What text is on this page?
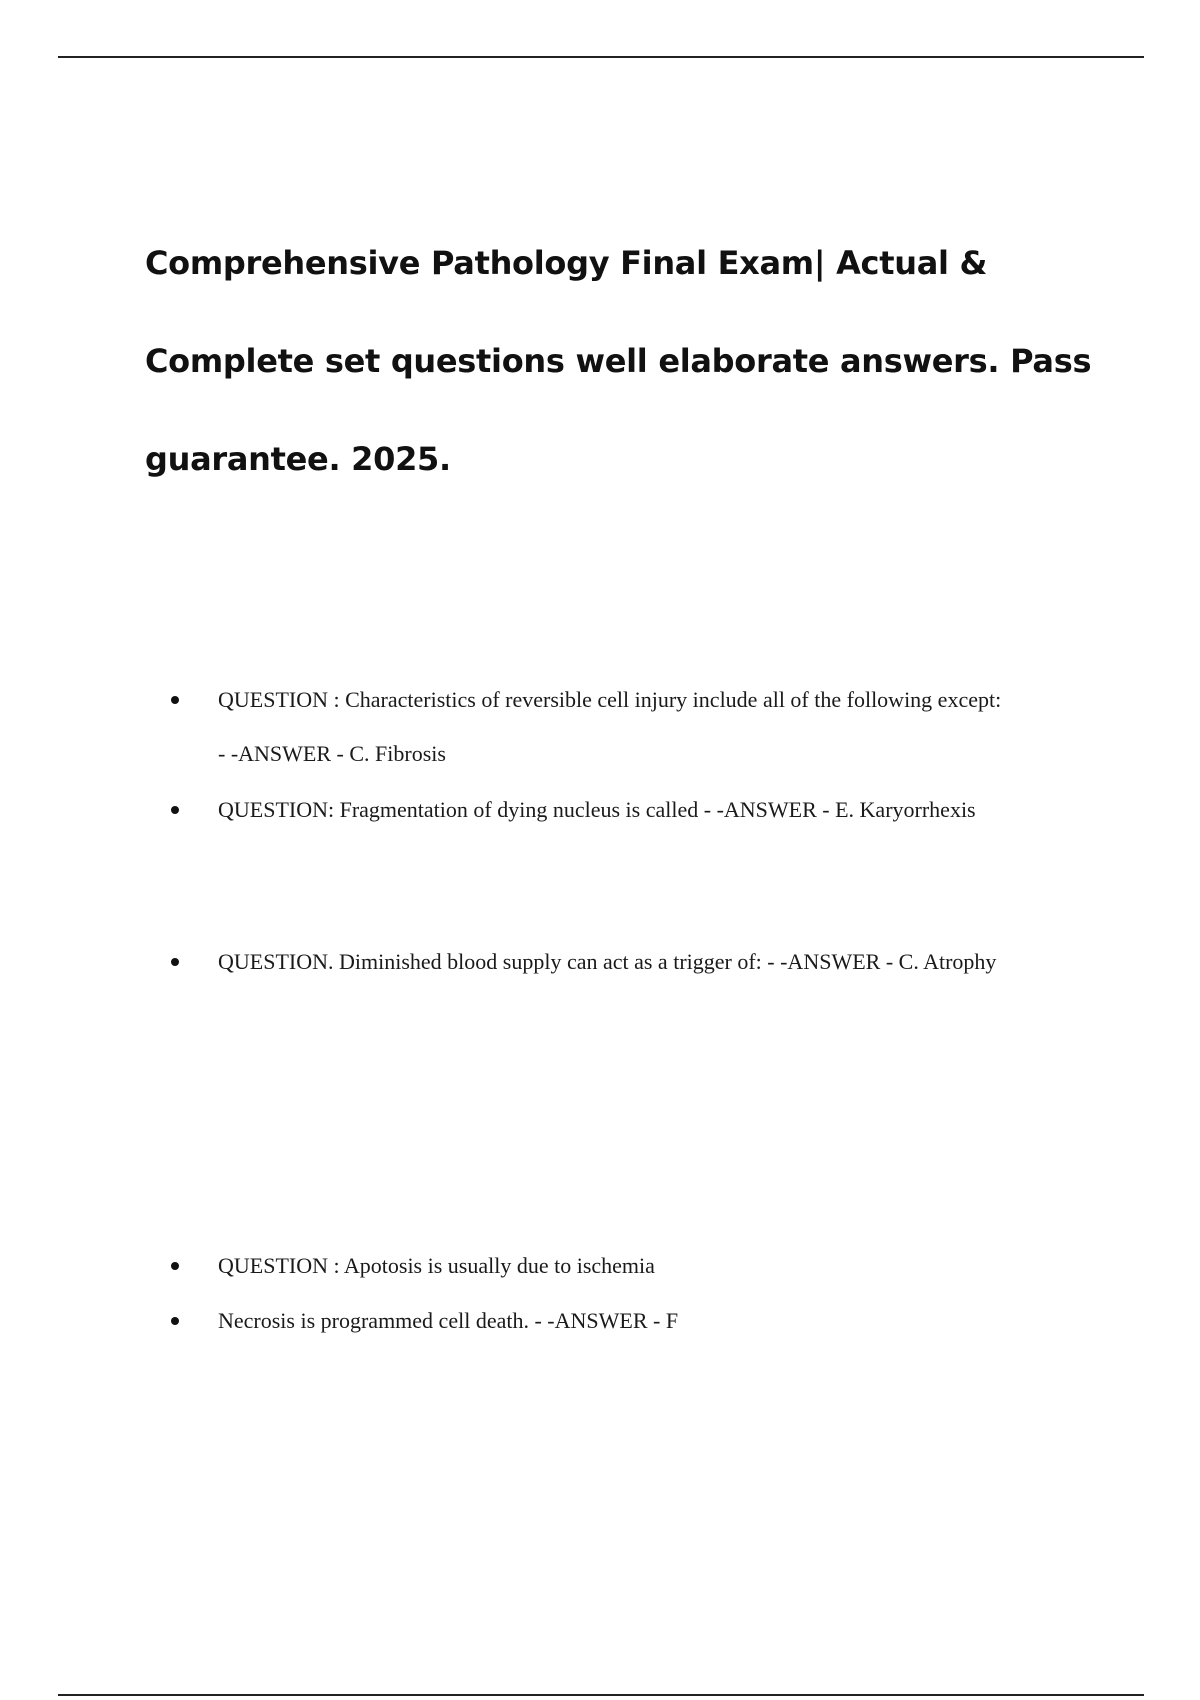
Comprehensive Pathology Final Exam| Actual &
Complete set questions well elaborate answers. Pass
guarantee. 2025.
QUESTION : Characteristics of reversible cell injury include all of the following except:
- -ANSWER - C. Fibrosis
QUESTION: Fragmentation of dying nucleus is called - -ANSWER - E. Karyorrhexis
QUESTION. Diminished blood supply can act as a trigger of: - -ANSWER - C. Atrophy
QUESTION : Apotosis is usually due to ischemia
Necrosis is programmed cell death. - -ANSWER - F
